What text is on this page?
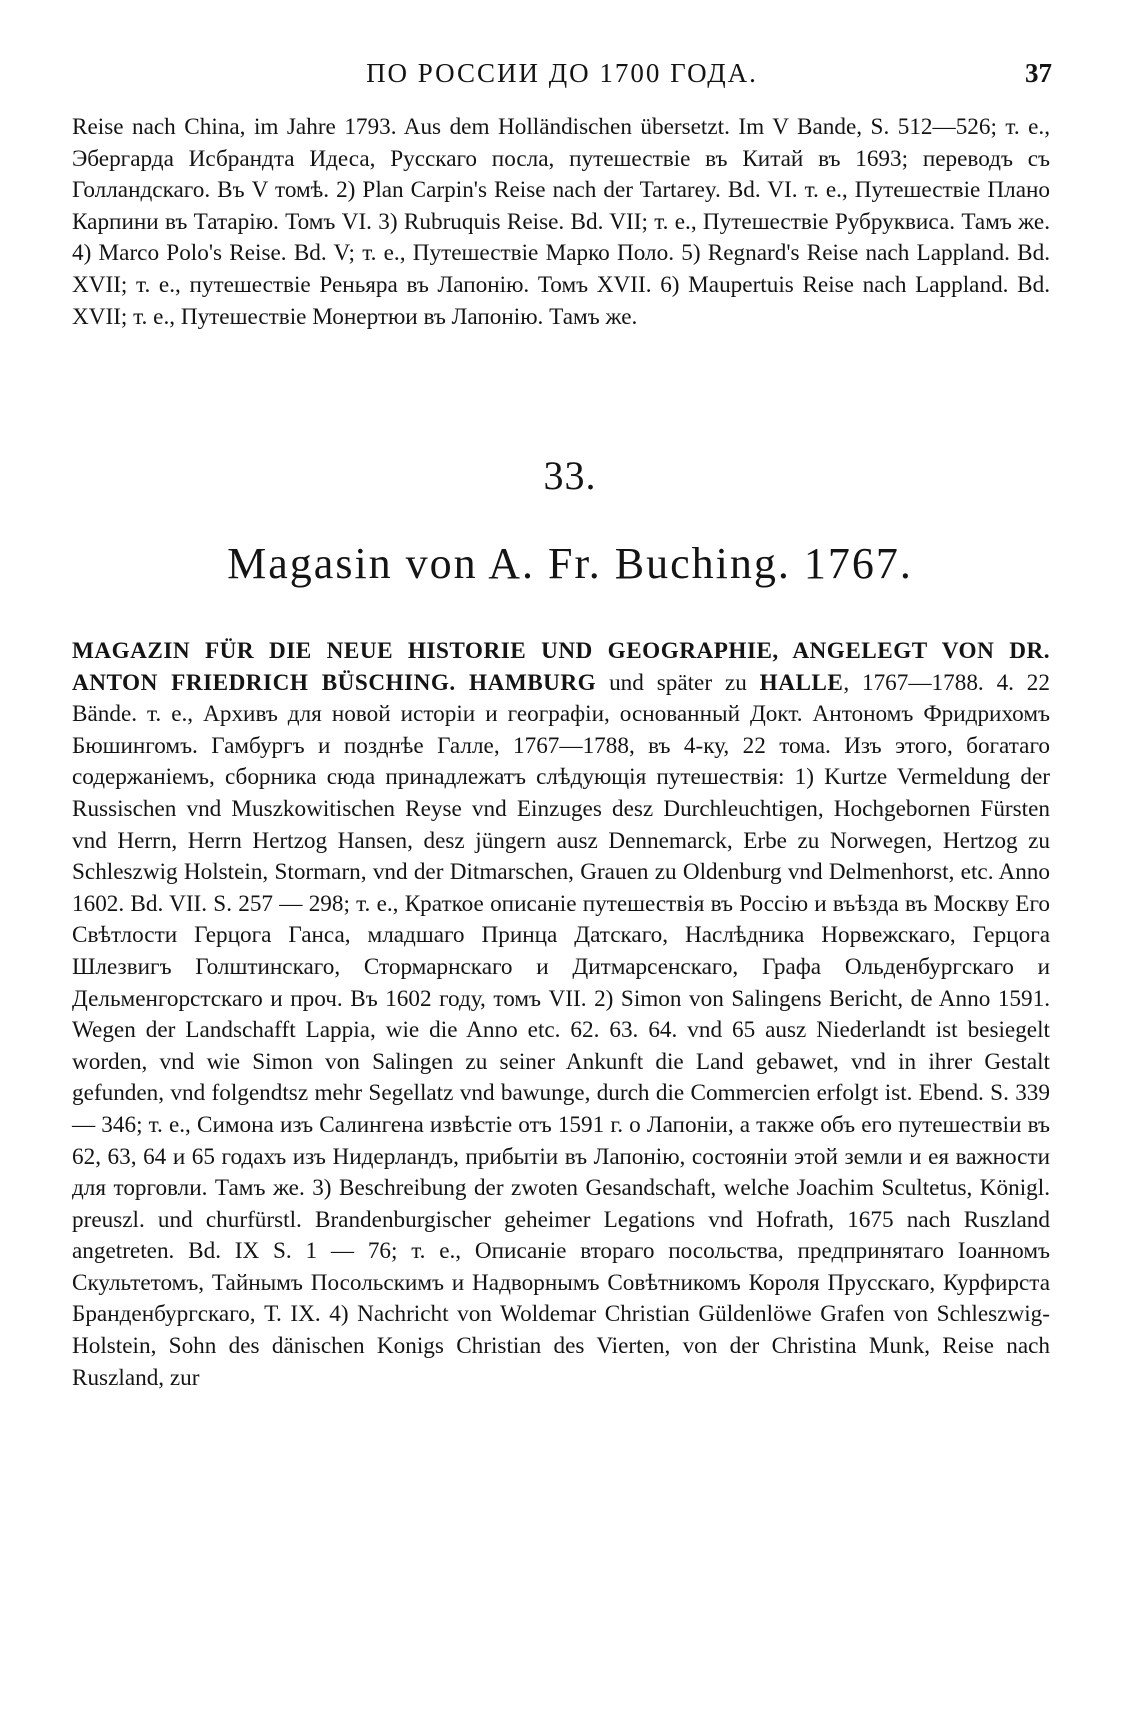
ПО РОССИИ ДО 1700 ГОДА.	37

Reise nach China, im Jahre 1793. Aus dem Holländischen übersetzt. Im V Bande, S. 512—526; т. е., Эбергарда Исбрандта Идеса, Русскаго посла, путешествіе въ Китай въ 1693; переводъ съ Голландскаго. Въ V томѣ. 2) Plan Carpin's Reise nach der Tartarey. Bd. VI. т. е., Путешествіе Плано Карпини въ Татарію. Томъ VI. 3) Rubruquis Reise. Bd. VII; т. е., Путешествіе Рубруквиса. Тамъ же. 4) Marco Polo's Reise. Bd. V; т. е., Путешествіе Марко Поло. 5) Regnard's Reise nach Lappland. Bd. XVII; т. е., путешествіе Реньяра въ Лапонію. Томъ XVII. 6) Maupertuis Reise nach Lappland. Bd. XVII; т. е., Путешествіе Монертюи въ Лапонію. Тамъ же.

33.
Magasin von A. Fr. Buching. 1767.

MAGAZIN FÜR DIE NEUE HISTORIE UND GEOGRAPHIE, ANGELEGT VON DR. ANTON FRIEDRICH BÜSCHING. HAMBURG und später zu HALLE, 1767—1788. 4. 22 Bände. т. е., Архивъ для новой исторіи и географіи, основанный Докт. Антономъ Фридрихомъ Бюшингомъ. Гамбургъ и позднѣе Галле, 1767—1788, въ 4-ку, 22 тома. Изъ этого, богатаго содержаніемъ, сборника сюда принадлежатъ слѣдующія путешествія: 1) Kurtze Vermeldung der Russischen vnd Muszkowitischen Reyse vnd Einzuges desz Durchleuchtigen, Hochgebornen Fürsten vnd Herrn, Herrn Hertzog Hansen, desz jüngern ausz Dennemarck, Erbe zu Norwegen, Hertzog zu Schleszwig Holstein, Stormarn, vnd der Ditmarschen, Grauen zu Oldenburg vnd Delmenhorst, etc. Anno 1602. Bd. VII. S. 257 — 298; т. е., Краткое описаніе путешествія въ Россію и въѣзда въ Москву Его Свѣтлости Герцога Ганса, младшаго Принца Датскаго, Наслѣдника Норвежскаго, Герцога Шлезвигъ Голштинскаго, Стормарнскаго и Дитмарсенскаго, Графа Ольденбургскаго и Дельменгорстскаго и проч. Въ 1602 году, томъ VII. 2) Simon von Salingens Bericht, de Anno 1591. Wegen der Landschafft Lappia, wie die Anno etc. 62. 63. 64. vnd 65 ausz Niederlandt ist besiegelt worden, vnd wie Simon von Salingen zu seiner Ankunft die Land gebawet, vnd in ihrer Gestalt gefunden, vnd folgendtsz mehr Segellatz vnd bawunge, durch die Commercien erfolgt ist. Ebend. S. 339— 346; т. е., Симона изъ Салингена извѣстіе отъ 1591 г. о Лапоніи, а также объ его путешествіи въ 62, 63, 64 и 65 годахъ изъ Нидерландъ, прибытіи въ Лапонію, состояніи этой земли и ея важности для торговли. Тамъ же. 3) Beschreibung der zwoten Gesandschaft, welche Joachim Scultetus, Königl. preuszl. und churfürstl. Brandenburgischer geheimer Legations vnd Hofrath, 1675 nach Ruszland angetreten. Bd. IX S. 1 — 76; т. е., Описаніе втораго посольства, предпринятаго Іоанномъ Скультетомъ, Тайнымъ Посольскимъ и Надворнымъ Совѣтникомъ Короля Прусскаго, Курфирста Бранденбургскаго, Т. IX. 4) Nachricht von Woldemar Christian Güldenlöwe Grafen von Schleszwig-Holstein, Sohn des dänischen Konigs Christian des Vierten, von der Christina Munk, Reise nach Ruszland, zur
